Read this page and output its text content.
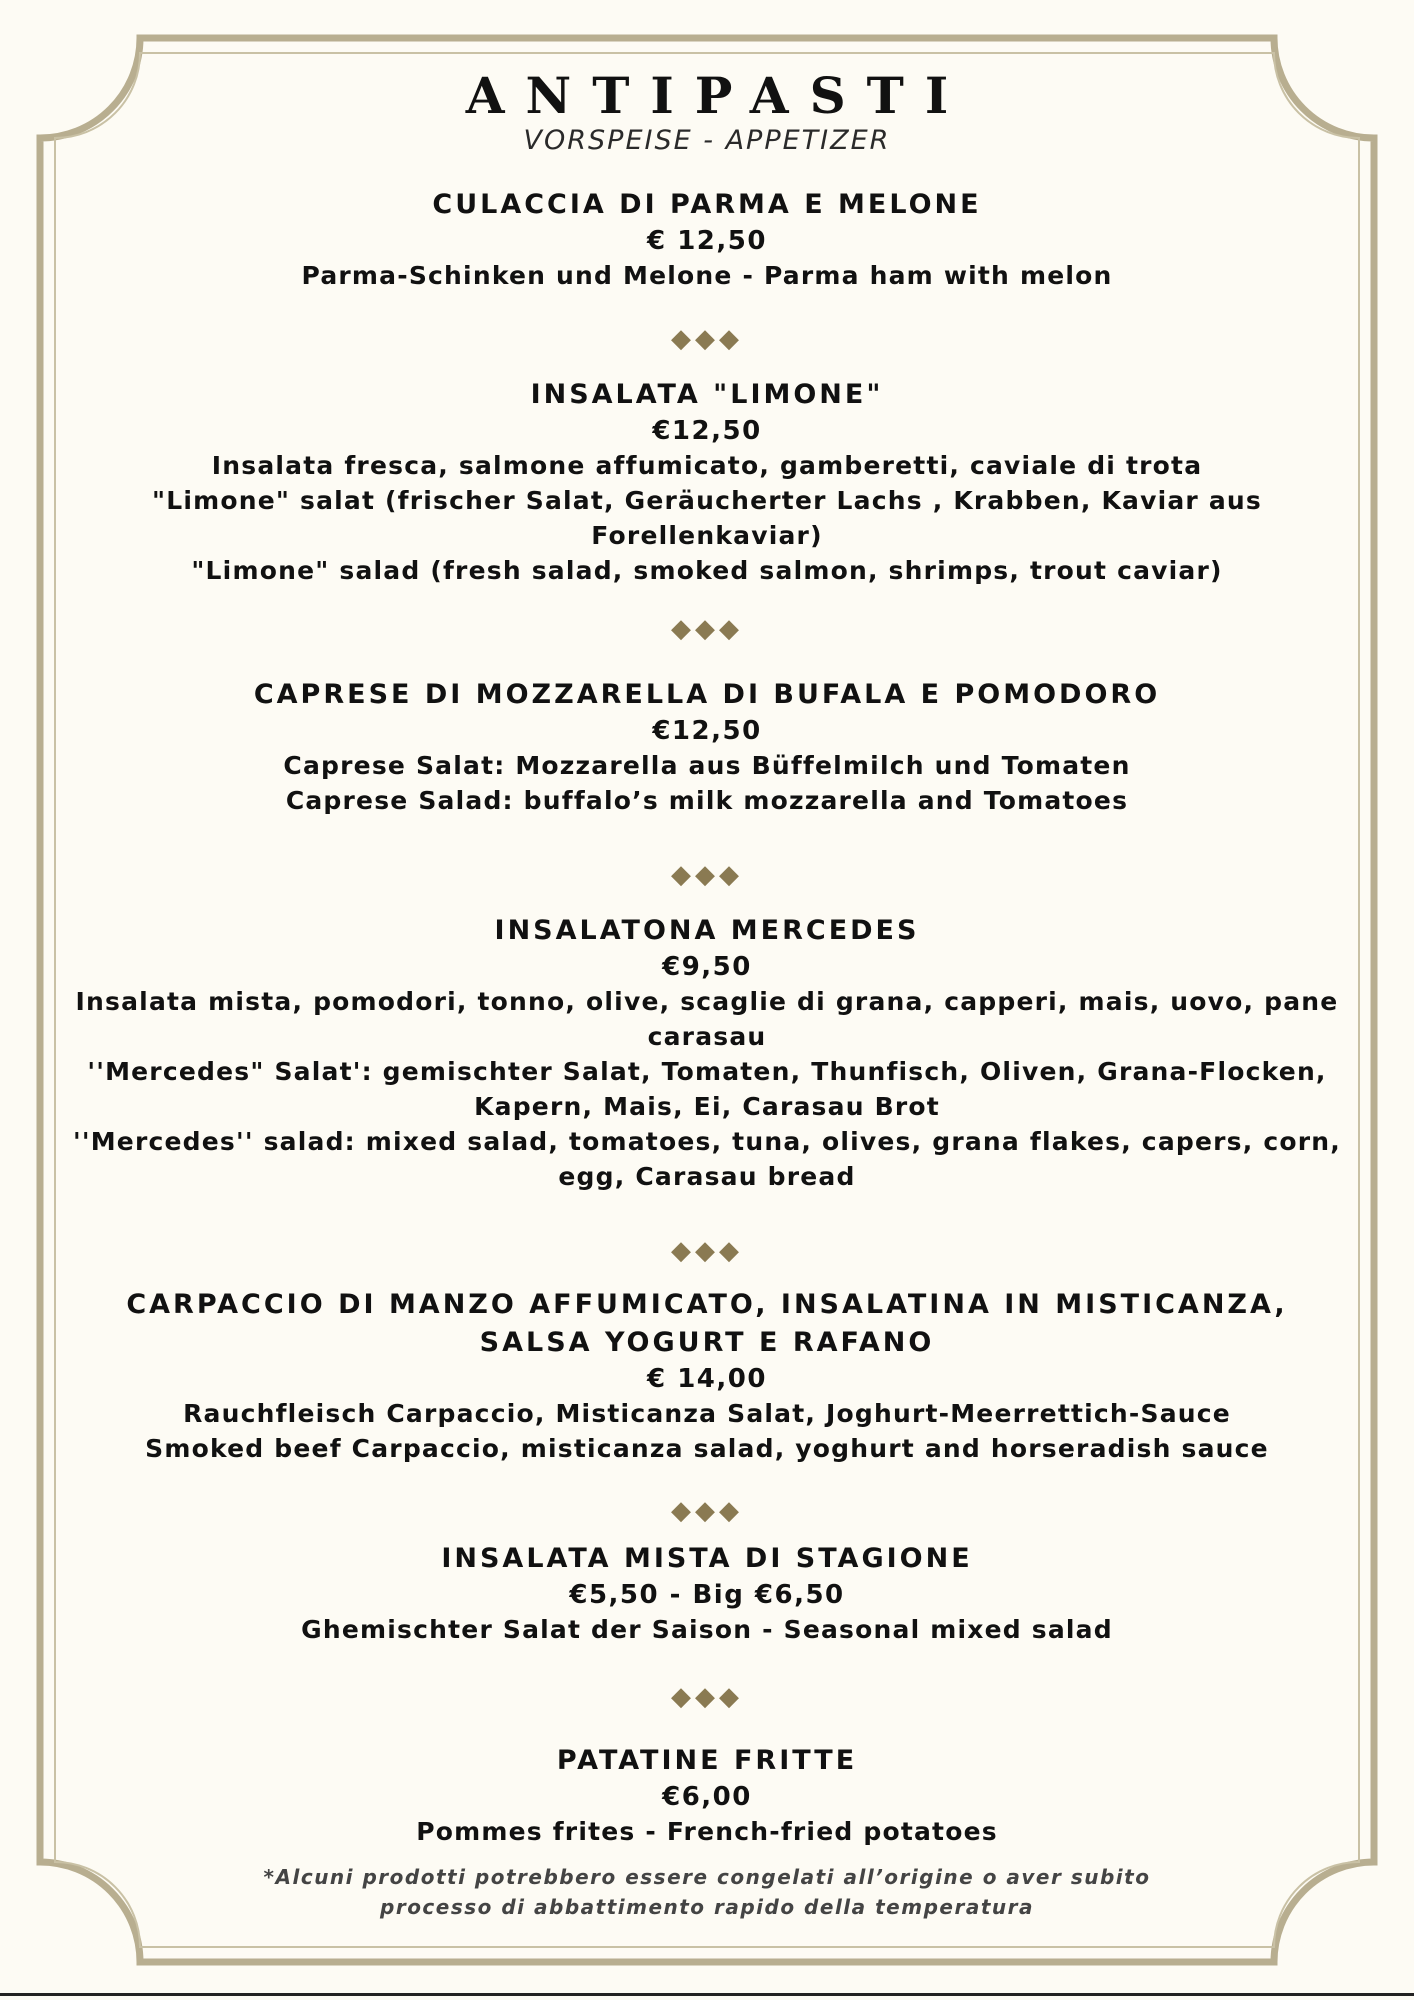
ANTIPASTI
VORSPEISE - APPETIZER
CULACCIA DI PARMA E MELONE
€ 12,50
Parma-Schinken und Melone - Parma ham with melon
◆◆◆
INSALATA "LIMONE"
€12,50
Insalata fresca, salmone affumicato, gamberetti, caviale di trota
"Limone" salat (frischer Salat, Geräucherter Lachs , Krabben, Kaviar aus Forellenkaviar)
"Limone" salad (fresh salad, smoked salmon, shrimps, trout caviar)
◆◆◆
CAPRESE DI MOZZARELLA DI BUFALA E POMODORO
€12,50
Caprese Salat: Mozzarella aus Büffelmilch und Tomaten
Caprese Salad: buffalo’s milk mozzarella and Tomatoes
◆◆◆
INSALATONA MERCEDES
€9,50
Insalata mista, pomodori, tonno, olive, scaglie di grana, capperi, mais, uovo, pane carasau
''Mercedes" Salat': gemischter Salat, Tomaten, Thunfisch, Oliven, Grana-Flocken, Kapern, Mais, Ei, Carasau Brot
''Mercedes'' salad: mixed salad, tomatoes, tuna, olives, grana flakes, capers, corn, egg, Carasau bread
◆◆◆
CARPACCIO DI MANZO AFFUMICATO, INSALATINA IN MISTICANZA, SALSA YOGURT E RAFANO
€ 14,00
Rauchfleisch Carpaccio, Misticanza Salat, Joghurt-Meerrettich-Sauce
Smoked beef Carpaccio, misticanza salad, yoghurt and horseradish sauce
◆◆◆
INSALATA MISTA DI STAGIONE
€5,50 - Big €6,50
Ghemischter Salat der Saison - Seasonal mixed salad
◆◆◆
PATATINE FRITTE
€6,00
Pommes frites - French-fried potatoes
*Alcuni prodotti potrebbero essere congelati all’origine o aver subito processo di abbattimento rapido della temperatura
